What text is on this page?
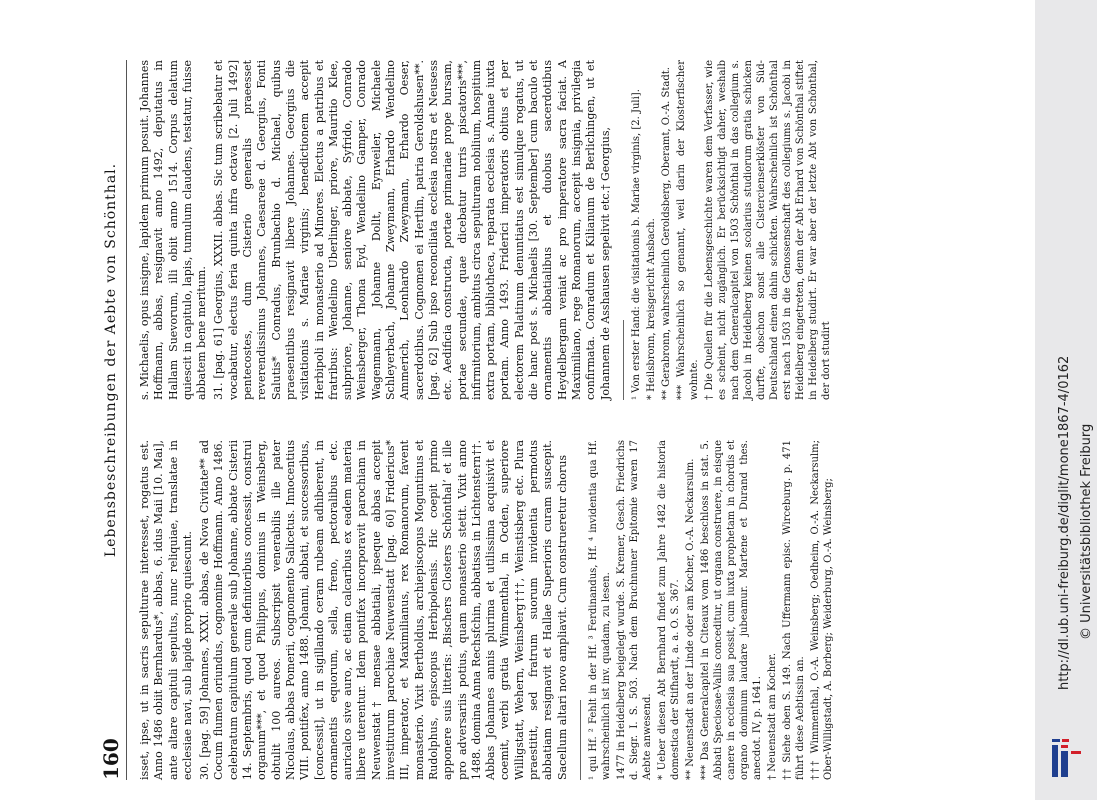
160
Lebensbeschreibungen der Aebte von Schönthal.

isset, ipse, ut in sacris sepulturae interesset, rogatus est. Anno 1486 obiit Bernhardus*, abbas, 6. idus Maii [10. Mai], ante altare capituli sepultus, nunc reliquiae, translatae in ecclesiae navi, sub lapide proprio quiescunt. 30. [pag. 59] Johannes, XXXI. abbas, de Nova Civitate** ad Cocum flumen oriundus, cognomine Hoffmann. Anno 1486. celebratum capitulum generale sub Johanne, abbate Cisterii 14. Septembris, quod cum definitoribus concessit, construi organum***, et quod Philippus, dominus in Weinsberg, obtulit 100 aureos. Subscripsit venerabilis ille pater Nicolaus, abbas Pomerii, cognomento Salicetus. Innocentius VIII. pontifex, anno 1488. Johanni, abbati, et successoribus, [concessit], ut in sigillando ceram rubeam adhiberent, in ornamentis equorum, sella, freno, pectoralibus etc. auricalco sive auro, ac etiam calcaribus ex eadem materia libere uterentur. Idem pontifex incorporavit parochiam in Neuwenstat† mensae abbatiali, ipseque abbas accepit investiturum parochiae Neuwenstatt [pag. 60] Fridericus* III, imperator, et Maximilianus, rex Romanorum, favent monasterio. Vixit Bertholdus, archiepiscopus Moguntinus et Rudolphus, episcopus Herbipolensis. Hic coepit primo apponere suis litteris: ‚Bischers Closters Schönthal‘ et ille pro adversariis potius, quam monasterio stetit. Vixit anno 1488. domina Anna Rechsfchin, abbatissa in Lichtenstern††. Abbas Johannes annis plurima et utilissima acquisivit et coemit, verbi gratia Wimmenthal, in Ocden, superiore Willigstatt, Wehern, Weinsberg†††, Weinstisberg etc. Plura praestitit, sed fratrum suorum invidentia permotus abbatiam resignavit et Hallae Superioris curam suscepit. Sacellum altari novo ampliavit. Cum construeretur chorus ¹ qui Hf. ² Fehlt in der Hf. ³ Ferdinandus, Hf. ⁴ invidentia qua Hf. wahrscheinlich ist inv. quadam, zu lesen. 1477 in Heidelberg beigelegt wurde. S. Kremer, Gesch. Friedrichs d. Siegr. I. S. 503. Nach dem Bruchnuner Epitomie waren 17 Aebte anwesend. * Ueber diesen Abt Bernhard findet zum Jahre 1482 die historia domestica der Stifhardt, a. a. O. S. 367. ** Neuenstadt an der Linde oder am Kocher, O.-A. Neckarsulm. *** Das Generalcapitel in Citeaux vom 1486 beschloss in stat. 5. Abbati Speciosae-Vallis conceditur, ut organa construere, in eisque canere in ecclesia sua possit, cum iuxta prophetam in chordis et organo dominum laudare jubeamur. Martene et Durand thes. anecdot. IV, p. 1641. † Neuenstadt am Kocher. †† Siehe oben S. 149. Nach Uffermann episc. Wirceburg. p. 471 führt diese Aebtissin an. ††† Wimmenthal, O.-A. Weinsberg; Oedheim, O.-A. Neckarsulm; Ober-Willigstadt, A. Borberg; Weiderburg, O.-A. Weinsberg;

s. Michaelis, opus insigne, lapidem primum posuit. Johannes Hoffmann, abbas, resignavit anno 1492, deputatus in Hallam Suevorum, illi obiit anno 1514. Corpus delatum quiescit in capitulo, lapis, tumulum claudens, testatur, fuisse abbatem bene meritum. 31. [pag. 61] Georgius, XXXII. abbas. Sic tum scribebatur et vocabatur, electus feria quinta infra octava [2. Juli 1492] pentecostes, dum Cisterio generalis praeesset reverendissimus Johannes, Caesareae d. Georgius, Fonti Salutis* Conradus, Brunbachio d. Michael, quibus praesentibus resignavit libere Johannes. Georgius die visitationis s. Mariae virginis; benedictionem accepit Herbipoli in monasterio ad Minores. Electus a patribus et fratribus: Wendelino Uberlinger, priore, Mauritio Klee, subpriore, Johanne, seniore abbate, Syfrido, Conrado Weinsberger, Thoma Eyd, Wendelino Gamper, Conrado Wagenmann, Johanne Dollt, Eynweiler, Michaele Schleyerbach, Johanne Zweymann, Erhardo Wendelino Ammerich, Leonhardo Zweymann, Erhardo Oeser, sacerdotibus. Cognomen ei Hertlin, patria Geroldshusen**. [pag. 62] Sub ipso reconciliata ecclesia nostra et Neusess etc. Aedificia constructa, portae primariae prope bursam, portae secundae, quae dicebatur turris piscatoris***, infirmitorium, ambitus circa sepulturam nobilium, hospitium extra portam, bibliotheca, reparata ecclesia s. Annae iuxta portam. Anno 1493. Friderici imperatoris obitus et per electorem Palatinum denuntiatus est simulque rogatus, ut die hanc post s. Michaelis [30. September] cum baculo et ornamentis abbatialibus et duobus sacerdotibus Heydelbergam veniat ac pro imperatore sacra faciat. A Maximiliano, rege Romanorum, accepit insignia, privilegia confirmata. Conradum et Kilianum de Berlichingen, ut et Johannem de Asshausen sepelivit etc.† Georgius, ¹ Von erster Hand: die visitationis b. Mariae virginis, [2. Juli]. * Heilsbronn, kreisgericht Ansbach. ** Gerabronn, wahrscheinlich Geroldsberg, Oberamt, O.-A. Stadt. *** Wahrscheinlich so genannt, weil darin der Klosterfischer wohnte. † Die Quellen für die Lebensgeschichte waren dem Verfasser, wie es scheint, nicht zugänglich. Er berücksichtigt daher, weshalb nach dem Generalcapitel von 1503 Schönthal in das collegium s. Jacobi in Heidelberg keinen scolarius studiorum gratia schicken durfte, obschon sonst alle Cistercienserklöster von Süd-Deutschland einen dahin schickten. Wahrscheinlich ist Schönthal erst nach 1503 in die Genossenschaft des collegiums s. Jacobi in Heidelberg eingetreten, denn der Abt Erhard von Schönthal stiftet in Heidelberg studirt. Er war aber der letzte Abt von Schönthal, der dort studirt	http://dl.ub.uni-freiburg.de/diglit/mone1867-4/0162 © Universitätsbibliothek Freiburg
